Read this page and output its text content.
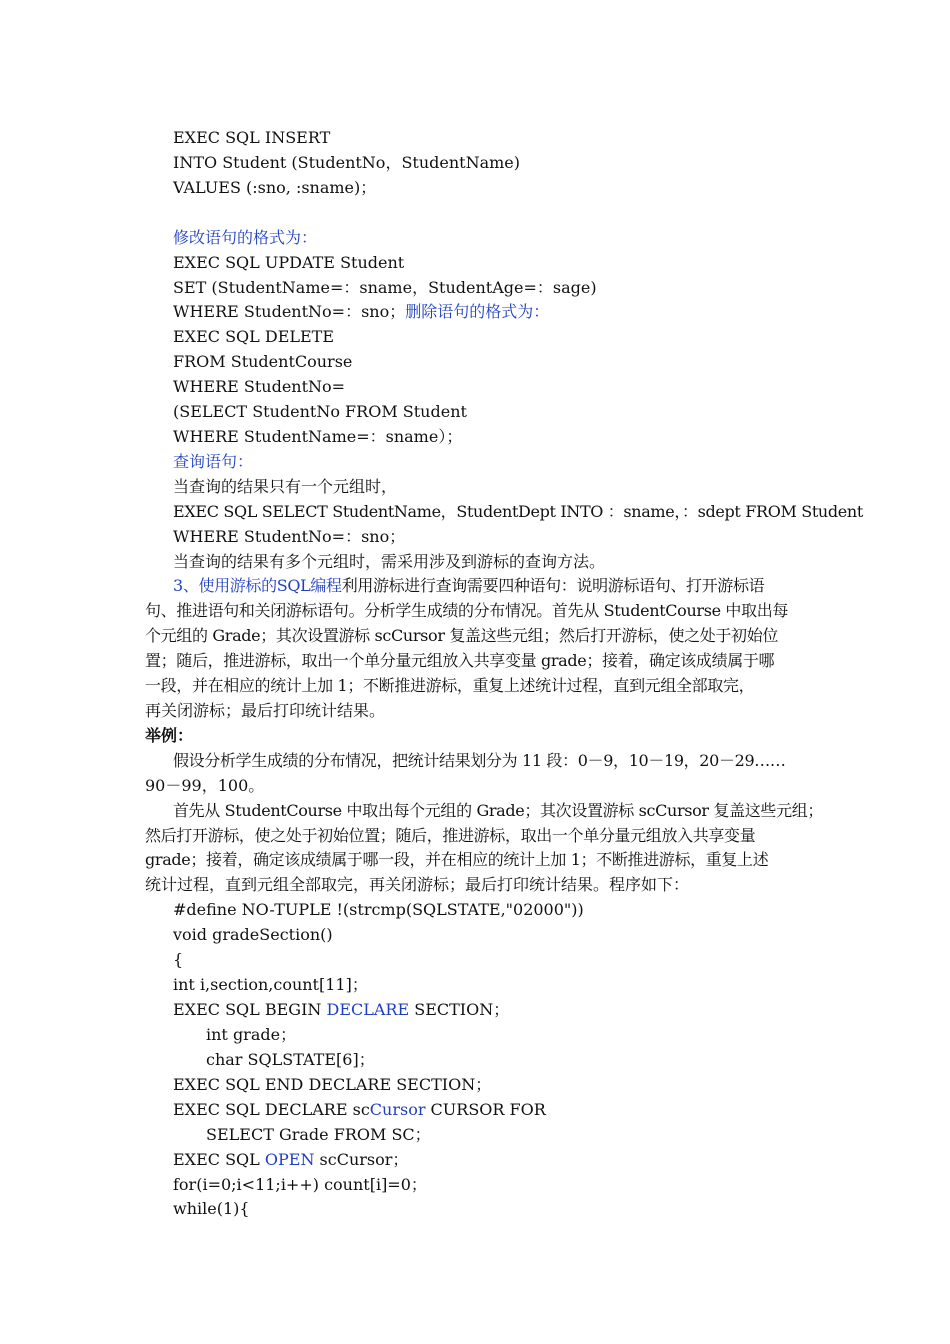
EXEC SQL INSERT
INTO Student (StudentNo，StudentName)
VALUES (:sno, :sname)；
修改语句的格式为：
EXEC SQL UPDATE Student
SET (StudentName=：sname，StudentAge=：sage)
WHERE StudentNo=：sno；删除语句的格式为：
EXEC SQL DELETE
FROM StudentCourse
WHERE StudentNo=
(SELECT StudentNo FROM Student
WHERE StudentName=：sname）；
查询语句：
当查询的结果只有一个元组时，
EXEC SQL SELECT StudentName，StudentDept INTO ：sname，：sdept FROM Student
WHERE StudentNo=：sno；
当查询的结果有多个元组时，需采用涉及到游标的查询方法。
3、使用游标的SQL编程利用游标进行查询需要四种语句：说明游标语句、打开游标语
句、推进语句和关闭游标语句。分析学生成绩的分布情况。首先从 StudentCourse 中取出每
个元组的 Grade；其次设置游标 scCursor 复盖这些元组；然后打开游标，使之处于初始位
置；随后，推进游标，取出一个单分量元组放入共享变量 grade；接着，确定该成绩属于哪
一段，并在相应的统计上加 1；不断推进游标，重复上述统计过程，直到元组全部取完，
再关闭游标；最后打印统计结果。
举例：
假设分析学生成绩的分布情况，把统计结果划分为 11 段：0－9，10－19，20－29……
90－99，100。
首先从 StudentCourse 中取出每个元组的 Grade；其次设置游标 scCursor 复盖这些元组；
然后打开游标，使之处于初始位置；随后，推进游标，取出一个单分量元组放入共享变量
grade；接着，确定该成绩属于哪一段，并在相应的统计上加 1；不断推进游标，重复上述
统计过程，直到元组全部取完，再关闭游标；最后打印统计结果。程序如下：
#define NO-TUPLE !(strcmp(SQLSTATE,"02000"))
void gradeSection()
{
int i,section,count[11]；
EXEC SQL BEGIN DECLARE SECTION；
int grade；
char SQLSTATE[6]；
EXEC SQL END DECLARE SECTION；
EXEC SQL DECLARE scCursor CURSOR FOR
SELECT Grade FROM SC；
EXEC SQL OPEN scCursor；
for(i=0;i<11;i++) count[i]=0；
while(1){
